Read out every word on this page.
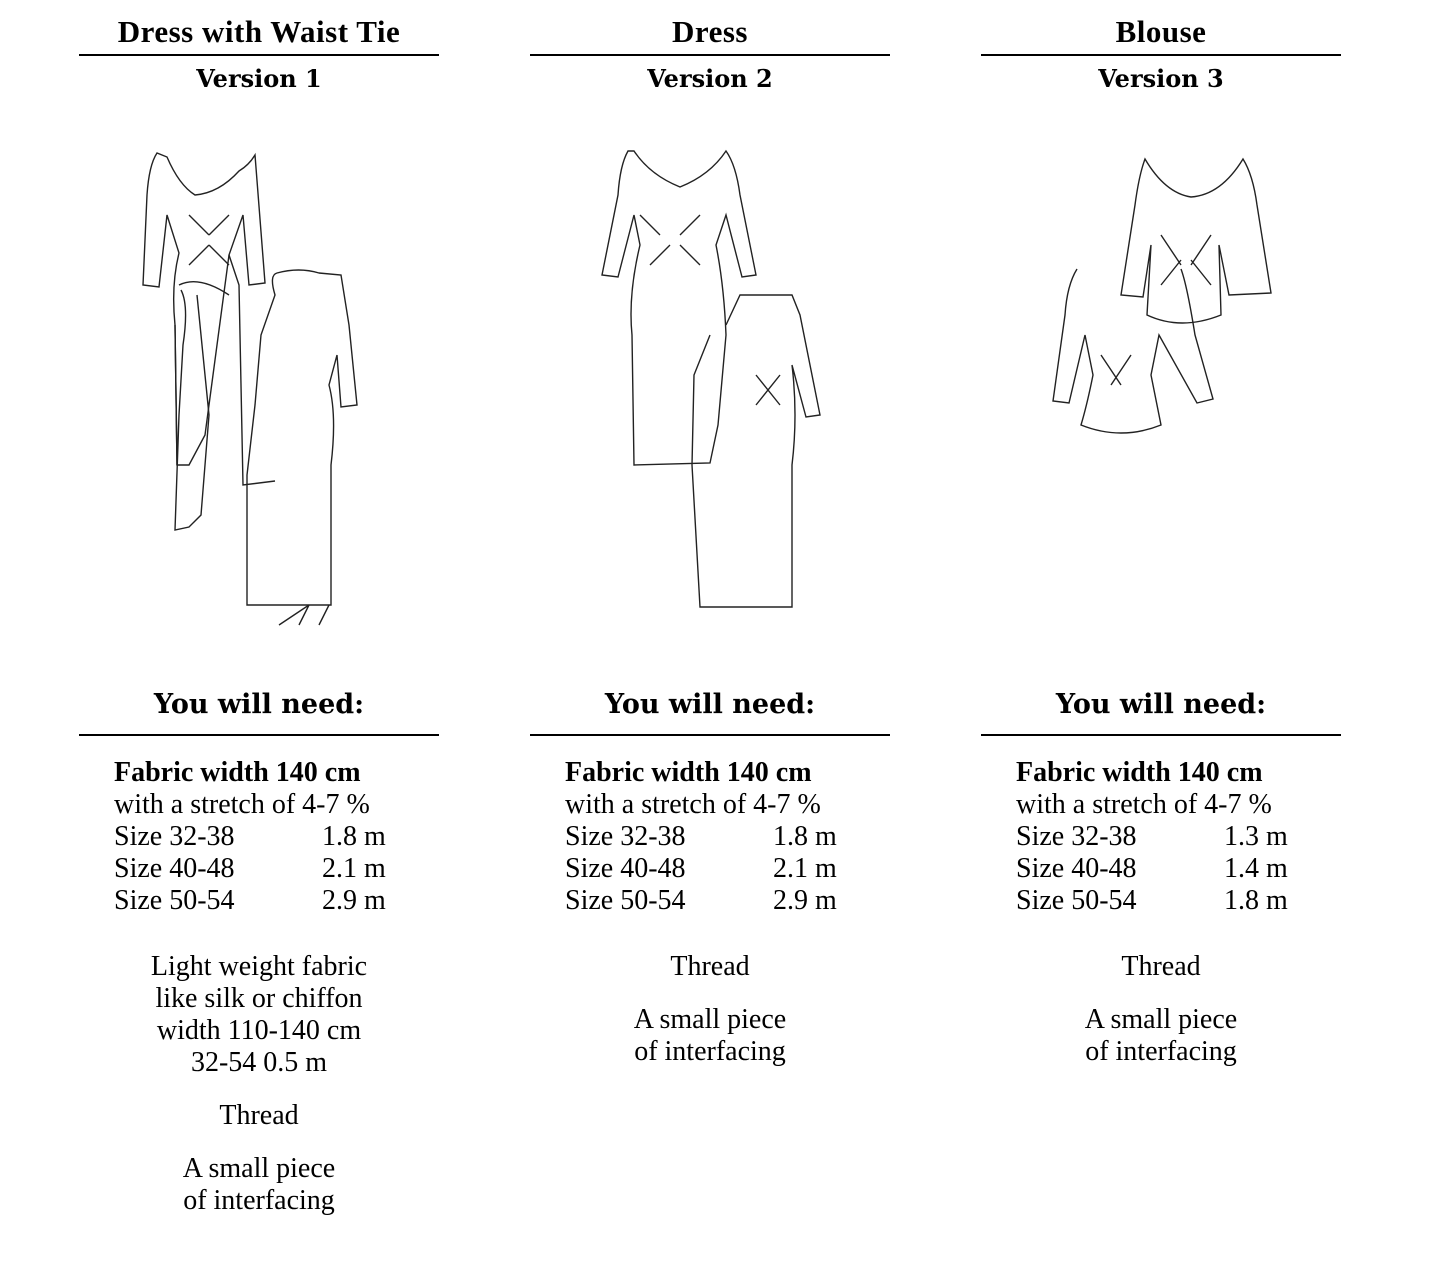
Dress with Waist Tie
Version 1
You will need:
Fabric width 140 cm
with a stretch of 4-7 %
Size 32-38	1.8 m
Size 40-48	2.1 m
Size 50-54	2.9 m

Light weight fabric
like silk or chiffon
width 110-140 cm
32-54 0.5 m

Thread

A small piece
of interfacing

Dress
Version 2
You will need:
Fabric width 140 cm
with a stretch of 4-7 %
Size 32-38	1.8 m
Size 40-48	2.1 m
Size 50-54	2.9 m

Thread

A small piece
of interfacing

Blouse
Version 3
You will need:
Fabric width 140 cm
with a stretch of 4-7 %
Size 32-38	1.3 m
Size 40-48	1.4 m
Size 50-54	1.8 m

Thread

A small piece
of interfacing
